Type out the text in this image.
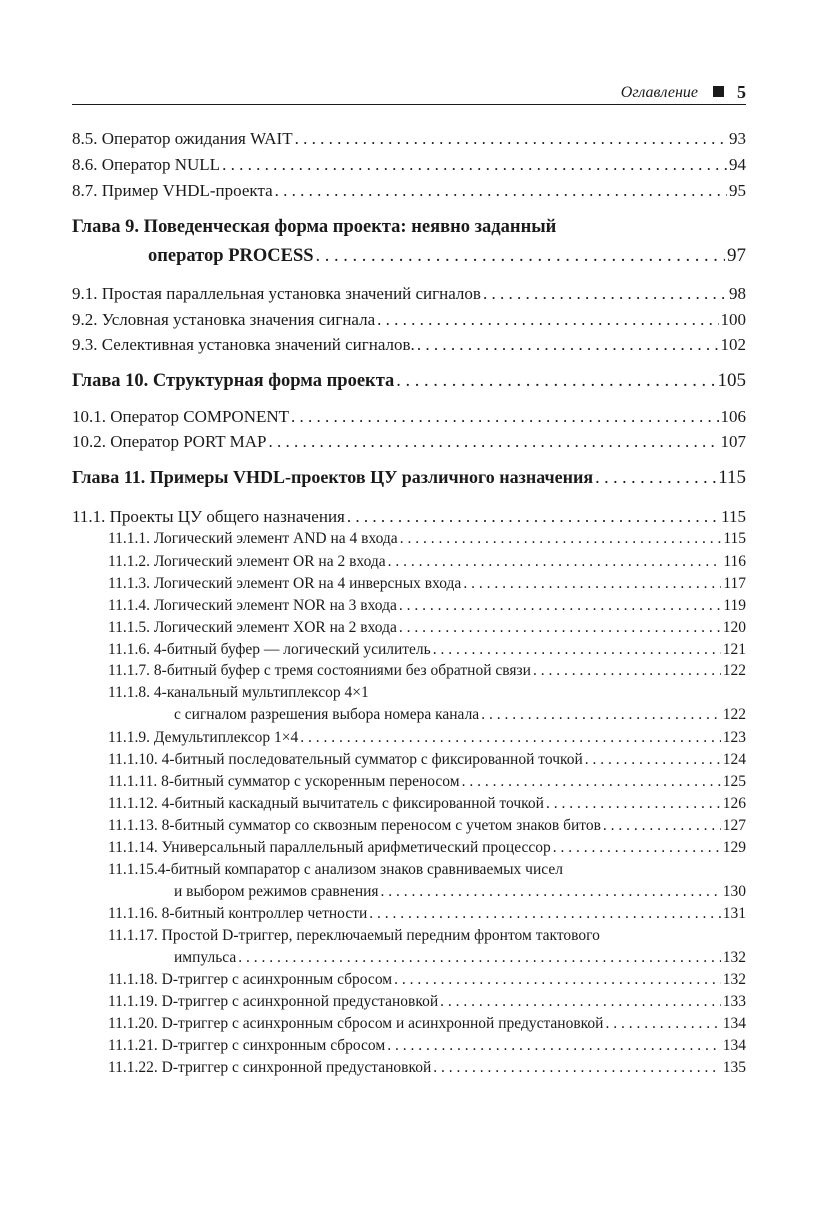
Оглавление 5
8.5. Оператор ожидания WAIT . . .	93
8.6. Оператор NULL . . .	94
8.7. Пример VHDL-проекта . . .	95
Глава 9. Поведенческая форма проекта: неявно заданный
оператор PROCESS . . .	97
9.1. Простая параллельная установка значений сигналов . . .	98
9.2. Условная установка значения сигнала . . .	100
9.3. Селективная установка значений сигналов. . . .	102
Глава 10. Структурная форма проекта . . .	105
10.1. Оператор COMPONENT . . .	106
10.2. Оператор PORT MAP . . .	107
Глава 11. Примеры VHDL-проектов ЦУ различного назначения . . .	115
11.1. Проекты ЦУ общего назначения . . .	115
11.1.1. Логический элемент AND на 4 входа . . .	115
11.1.2. Логический элемент OR на 2 входа . . .	116
11.1.3. Логический элемент OR на 4 инверсных входа . . .	117
11.1.4. Логический элемент NOR на 3 входа . . .	119
11.1.5. Логический элемент XOR на 2 входа . . .	120
11.1.6. 4-битный буфер — логический усилитель . . .	121
11.1.7. 8-битный буфер с тремя состояниями без обратной связи . . .	122
11.1.8. 4-канальный мультиплексор 4×1
с сигналом разрешения выбора номера канала . . .	122
11.1.9. Демультиплексор 1×4 . . .	123
11.1.10. 4-битный последовательный сумматор с фиксированной точкой . . .	124
11.1.11. 8-битный сумматор с ускоренным переносом . . .	125
11.1.12. 4-битный каскадный вычитатель с фиксированной точкой . . .	126
11.1.13. 8-битный сумматор со сквозным переносом с учетом знаков битов . . .	127
11.1.14. Универсальный параллельный арифметический процессор . . .	129
11.1.15.4-битный компаратор с анализом знаков сравниваемых чисел
и выбором режимов сравнения . . .	130
11.1.16. 8-битный контроллер четности . . .	131
11.1.17. Простой D-триггер, переключаемый передним фронтом тактового
импульса . . .	132
11.1.18. D-триггер с асинхронным сбросом . . .	132
11.1.19. D-триггер с асинхронной предустановкой . . .	133
11.1.20. D-триггер с асинхронным сбросом и асинхронной предустановкой . . .	134
11.1.21. D-триггер с синхронным сбросом . . .	134
11.1.22. D-триггер с синхронной предустановкой . . .	135
